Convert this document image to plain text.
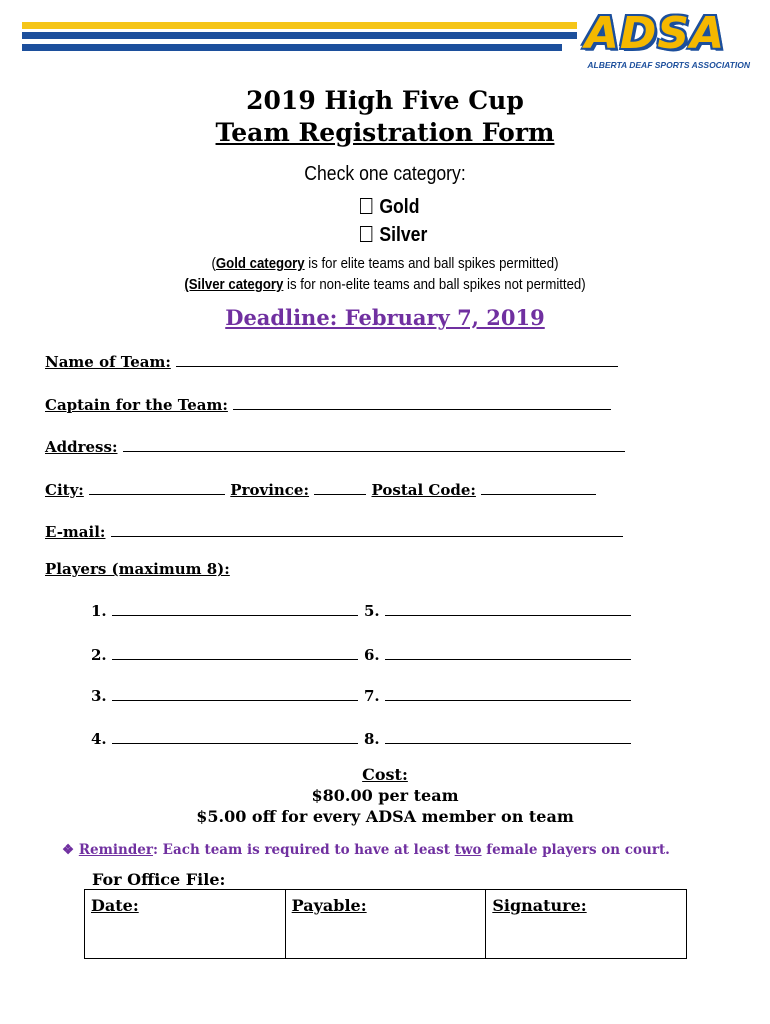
ADSA
ALBERTA DEAF SPORTS ASSOCIATION
2019 High Five Cup
Team Registration Form
Check one category:
Gold
Silver
(Gold category is for elite teams and ball spikes permitted)
(Silver category is for non-elite teams and ball spikes not permitted)
Deadline: February 7, 2019
Name of Team:
Captain for the Team:
Address:
City:	Province:	Postal Code:
E-mail:
Players (maximum 8):
1.
2.
3.
4.
5.
6.
7.
8.
Cost:
$80.00 per team
$5.00 off for every ADSA member on team
❖ Reminder: Each team is required to have at least two female players on court.
For Office File:
Date:	Payable:	Signature:
